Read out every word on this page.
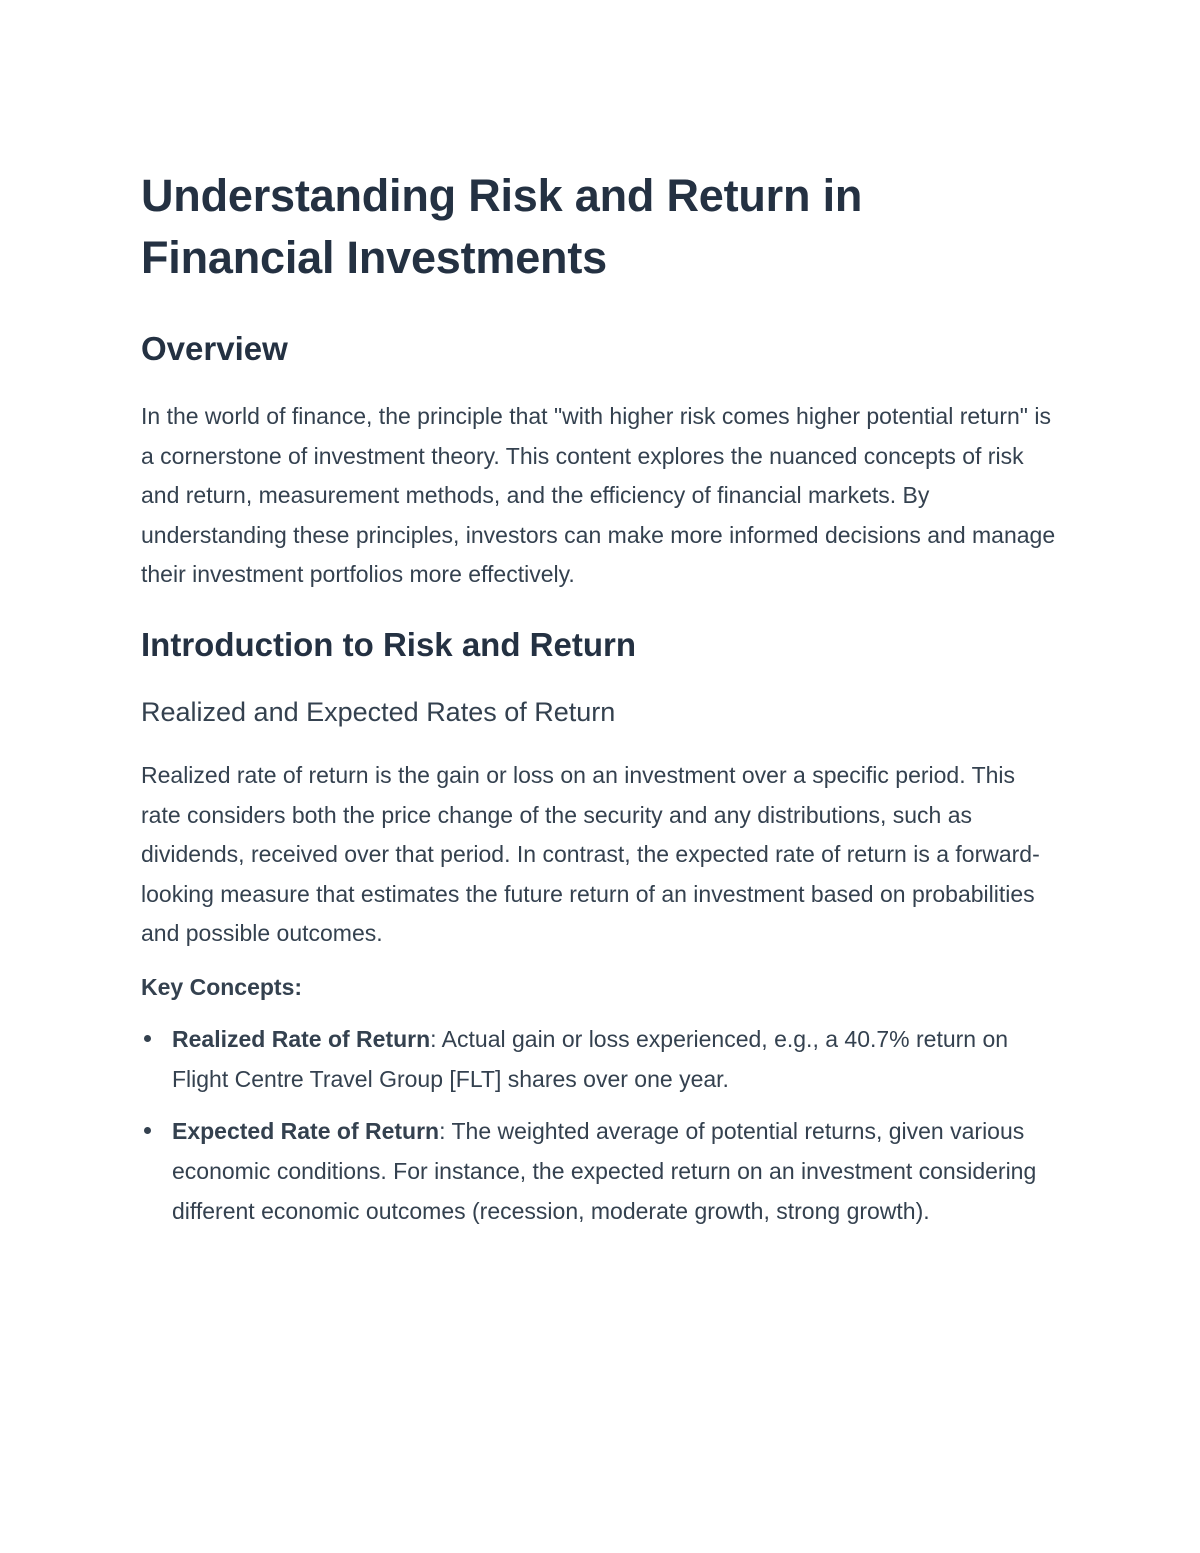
Understanding Risk and Return in Financial Investments
Overview

In the world of finance, the principle that "with higher risk comes higher potential return" is a cornerstone of investment theory. This content explores the nuanced concepts of risk and return, measurement methods, and the efficiency of financial markets. By understanding these principles, investors can make more informed decisions and manage their investment portfolios more effectively.

Introduction to Risk and Return
Realized and Expected Rates of Return

Realized rate of return is the gain or loss on an investment over a specific period. This rate considers both the price change of the security and any distributions, such as dividends, received over that period. In contrast, the expected rate of return is a forward-looking measure that estimates the future return of an investment based on probabilities and possible outcomes.

Key Concepts:

Realized Rate of Return: Actual gain or loss experienced, e.g., a 40.7% return on Flight Centre Travel Group [FLT] shares over one year.
Expected Rate of Return: The weighted average of potential returns, given various economic conditions. For instance, the expected return on an investment considering different economic outcomes (recession, moderate growth, strong growth).
